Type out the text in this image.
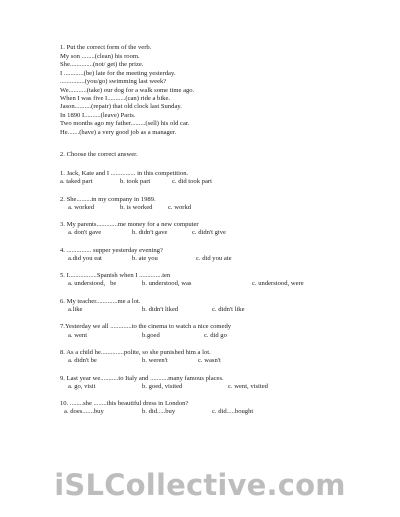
1. Put the correct form of the verb.
My son ........(clean) his room.
She..............(not/ get) the prize.
I ............(be) late for the meeting yesterday.
...............(you/go) swimming last week?
We...........(take) our dog for a walk some time ago.
When I was five I...........(can) ride a bike.
Jason..........(repair) that old clock last Sunday.
In 1890 I..........(leave) Paris.
Two months ago my father.........(sell) his old car.
He.......(have) a very good job as a manager.
2. Choose the correct answer.
1. Jack, Kate and I ............... in this competition.

a. taked part

	b. took part

	c. did took part

2. She.........in my company in 1989.

a. worked

	b. is worked

c. workd

3. My parents.............me money for a new computer

a. don't gave

	b. didn't gave

	c. didn't give

4. ............... supper yesterday evening?

a.did you eat

	b. ate you

	c. did you ate

5. I.................Spanish when I ..............ten

a. understood,   be

	b. understood, was

	c. understood, were

6. My teacher.............me a lot.

a.like

	b. didn't liked

	c. didn't like

7.Yesterday we all .............to the cinema to watch a nice comedy

a. went

	b.goed

	c. did go

8. As a child he..............polite, so she punished him a lot.

a. didn't be

	b. weren't

	c. wasn't

9. Last year we...........to Italy and ...........many famous places.

a. go, visit

	b. goed, visited

	c. went, visited

10. ........she ........this beautiful dress in London?

a. does.......buy

	b. did.....buy

	c. did.....bought

iSLCollective.com
